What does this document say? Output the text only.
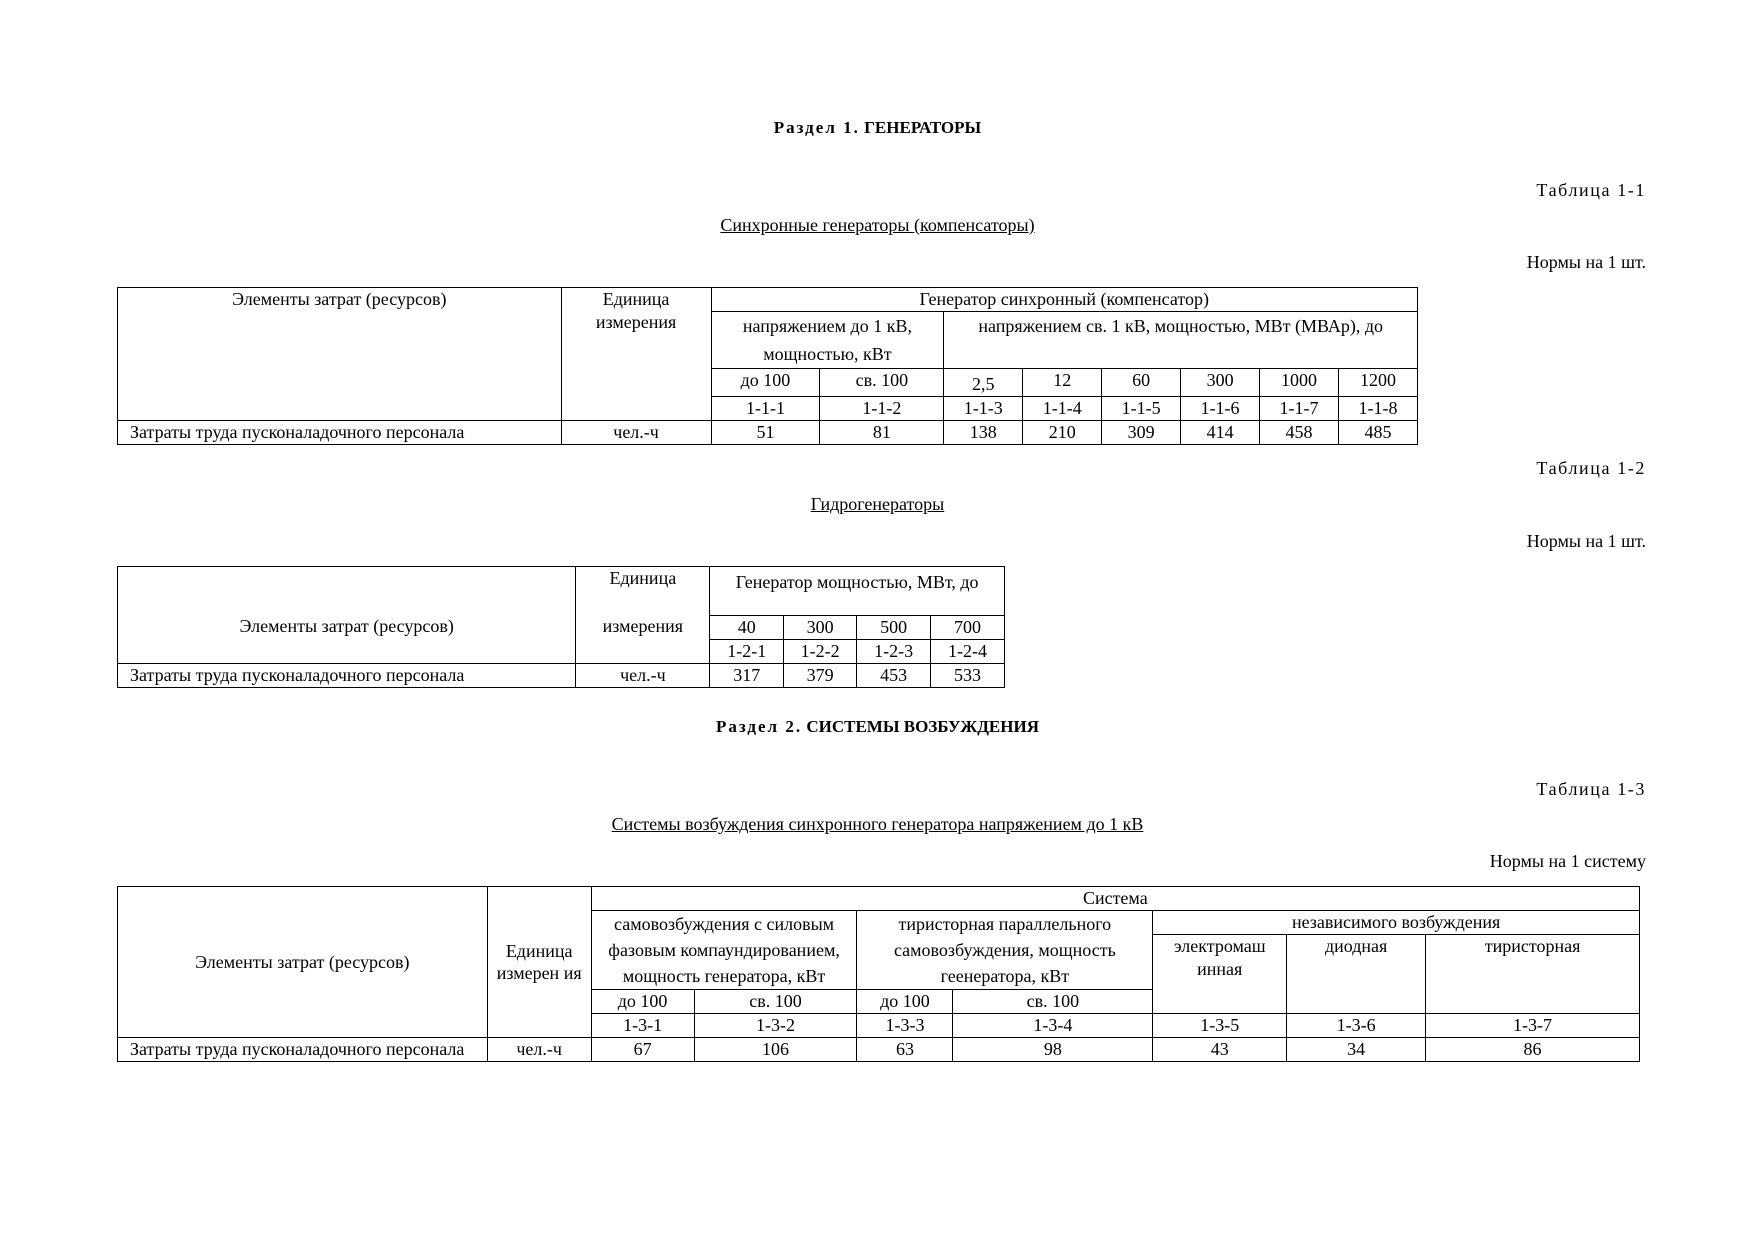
Раздел 1. ГЕНЕРАТОРЫ
Таблица 1-1
Синхронные генераторы (компенсаторы)
Нормы на 1 шт.
Элементы затрат (ресурсов)	Единица измерения	Генератор синхронный (компенсатор)							
		напряжением до 1 кВ, мощностью, кВт		напряжением св. 1 кВ, мощностью, МВт (МВАр), до					
		до 100	св. 100	2,5	12	60	300	1000	1200
		1-1-1	1-1-2	1-1-3	1-1-4	1-1-5	1-1-6	1-1-7	1-1-8
Затраты труда пусконаладочного персонала	чел.-ч	51	81	138	210	309	414	458	485
Таблица 1-2
Гидрогенераторы
Нормы на 1 шт.
	Единица	Генератор мощностью, МВт, до			
Элементы затрат (ресурсов)	измерения	40	300	500	700
		1-2-1	1-2-2	1-2-3	1-2-4
Затраты труда пусконаладочного персонала	чел.-ч	317	379	453	533
Раздел 2. СИСТЕМЫ ВОЗБУЖДЕНИЯ
Таблица 1-3
Системы возбуждения синхронного генератора напряжением до 1 кВ
Нормы на 1 систему
Элементы затрат (ресурсов)	Единица измерен ия	Система						
		самовозбуждения с силовым фазовым компаундированием, мощность генератора, кВт		тиристорная параллельного самовозбуждения, мощность геенератора, кВт		независимого возбуждения		
						электромаш инная	диодная	тиристорная
		до 100	св. 100	до 100	св. 100			
		1-3-1	1-3-2	1-3-3	1-3-4	1-3-5	1-3-6	1-3-7
Затраты труда пусконаладочного персонала	чел.-ч	67	106	63	98	43	34	86
